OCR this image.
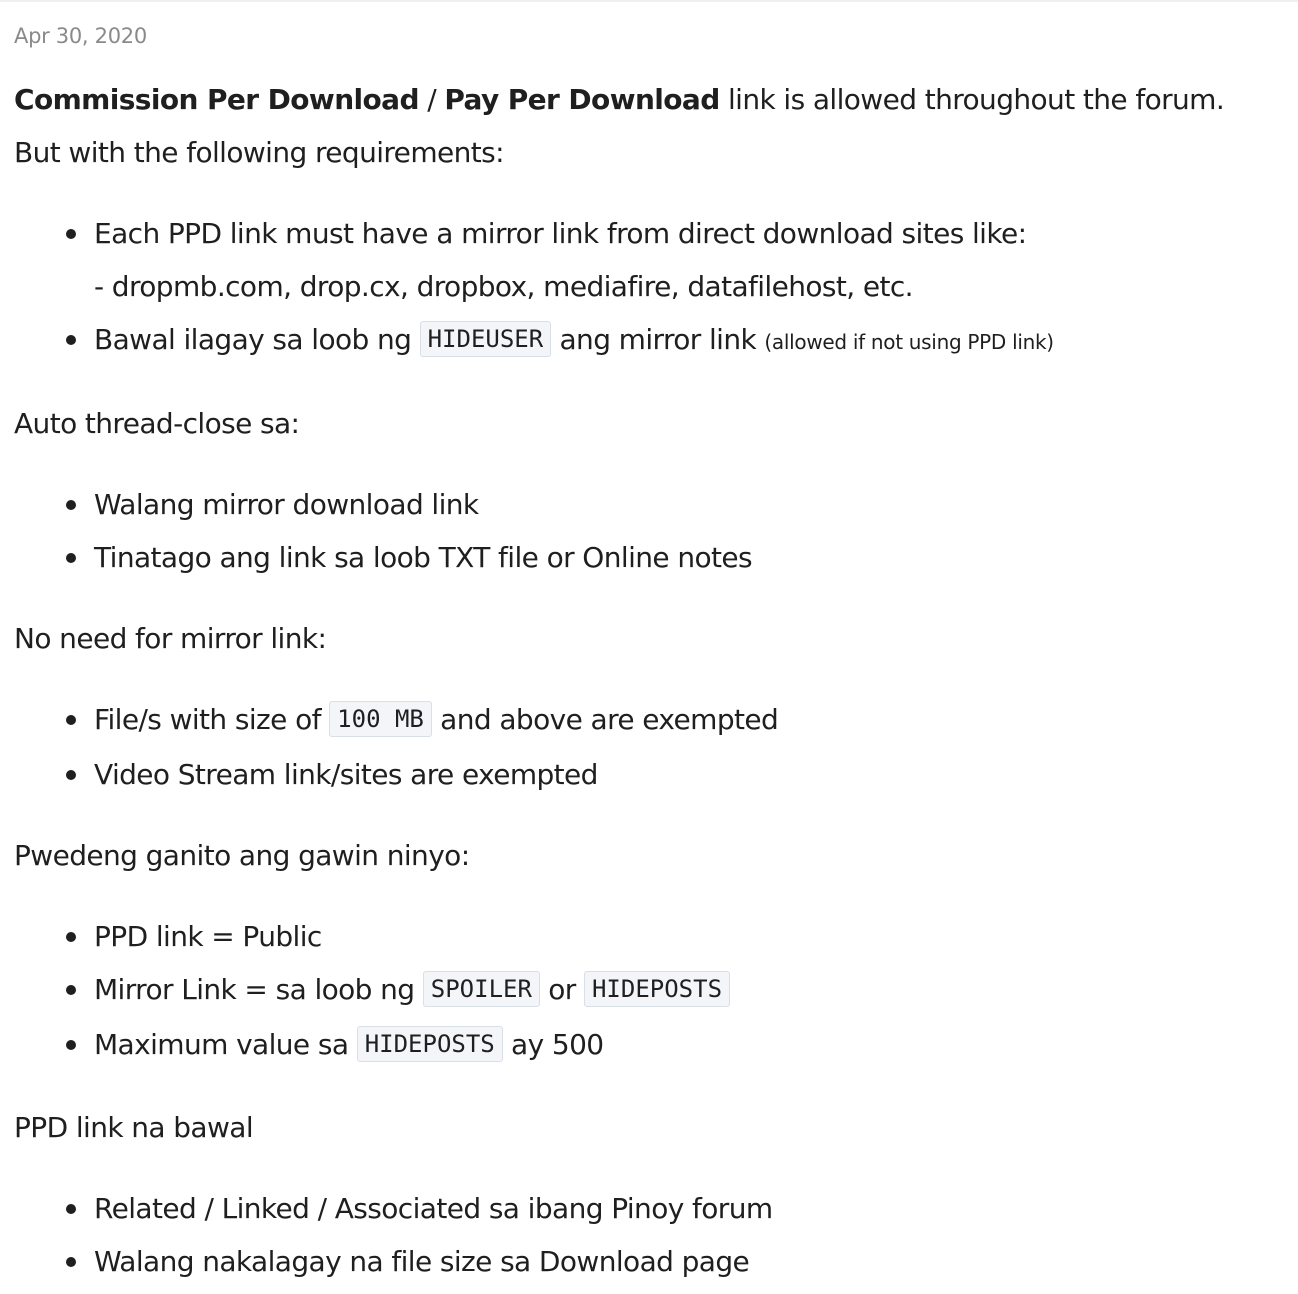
Apr 30, 2020

Commission Per Download / Pay Per Download link is allowed throughout the forum.
But with the following requirements:

Each PPD link must have a mirror link from direct download sites like:
- dropmb.com, drop.cx, dropbox, mediafire, datafilehost, etc.
Bawal ilagay sa loob ng HIDEUSER ang mirror link (allowed if not using PPD link)

Auto thread-close sa:

Walang mirror download link
Tinatago ang link sa loob TXT file or Online notes

No need for mirror link:

File/s with size of 100 MB and above are exempted
Video Stream link/sites are exempted

Pwedeng ganito ang gawin ninyo:

PPD link = Public
Mirror Link = sa loob ng SPOILER or HIDEPOSTS
Maximum value sa HIDEPOSTS ay 500

PPD link na bawal

Related / Linked / Associated sa ibang Pinoy forum
Walang nakalagay na file size sa Download page
